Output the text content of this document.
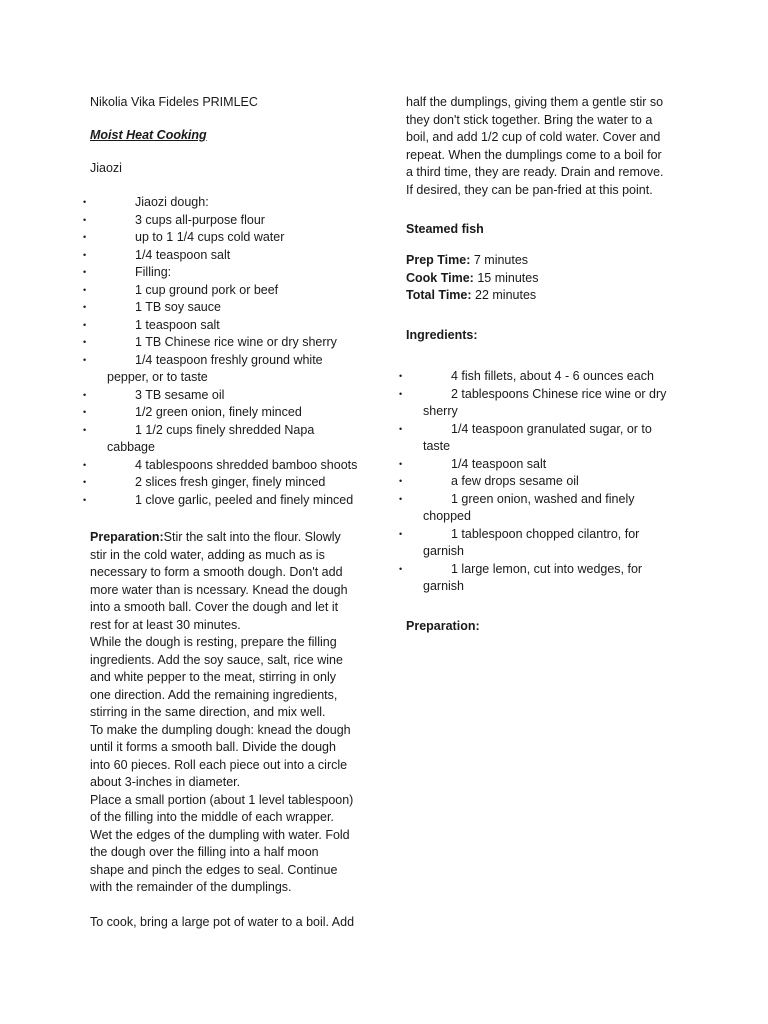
Nikolia Vika Fideles PRIMLEC
Moist Heat Cooking
Jiaozi
•	Jiaozi dough:
•	3 cups all-purpose flour
•	up to 1 1/4 cups cold water
•	1/4 teaspoon salt
•	Filling:
•	1 cup ground pork or beef
•	1 TB soy sauce
•	1 teaspoon salt
•	1 TB Chinese rice wine or dry sherry
•	1/4 teaspoon freshly ground white
pepper, or to taste
•	3 TB sesame oil
•	1/2 green onion, finely minced
•	1 1/2 cups finely shredded Napa
cabbage
•	4 tablespoons shredded bamboo shoots
•	2 slices fresh ginger, finely minced
•	1 clove garlic, peeled and finely minced
Preparation:Stir the salt into the flour. Slowly
stir in the cold water, adding as much as is
necessary to form a smooth dough. Don't add
more water than is ncessary. Knead the dough
into a smooth ball. Cover the dough and let it
rest for at least 30 minutes.
While the dough is resting, prepare the filling
ingredients. Add the soy sauce, salt, rice wine
and white pepper to the meat, stirring in only
one direction. Add the remaining ingredients,
stirring in the same direction, and mix well.
To make the dumpling dough: knead the dough
until it forms a smooth ball. Divide the dough
into 60 pieces. Roll each piece out into a circle
about 3-inches in diameter.
Place a small portion (about 1 level tablespoon)
of the filling into the middle of each wrapper.
Wet the edges of the dumpling with water. Fold
the dough over the filling into a half moon
shape and pinch the edges to seal. Continue
with the remainder of the dumplings.
To cook, bring a large pot of water to a boil. Add
half the dumplings, giving them a gentle stir so
they don't stick together. Bring the water to a
boil, and add 1/2 cup of cold water. Cover and
repeat. When the dumplings come to a boil for
a third time, they are ready. Drain and remove.
If desired, they can be pan-fried at this point.
Steamed fish
Prep Time: 7 minutes
Cook Time: 15 minutes
Total Time: 22 minutes
Ingredients:
•	4 fish fillets, about 4 - 6 ounces each
•	2 tablespoons Chinese rice wine or dry
sherry
•	1/4 teaspoon granulated sugar, or to
taste
•	1/4 teaspoon salt
•	a few drops sesame oil
•	1 green onion, washed and finely
chopped
•	1 tablespoon chopped cilantro, for
garnish
•	1 large lemon, cut into wedges, for
garnish
Preparation:
